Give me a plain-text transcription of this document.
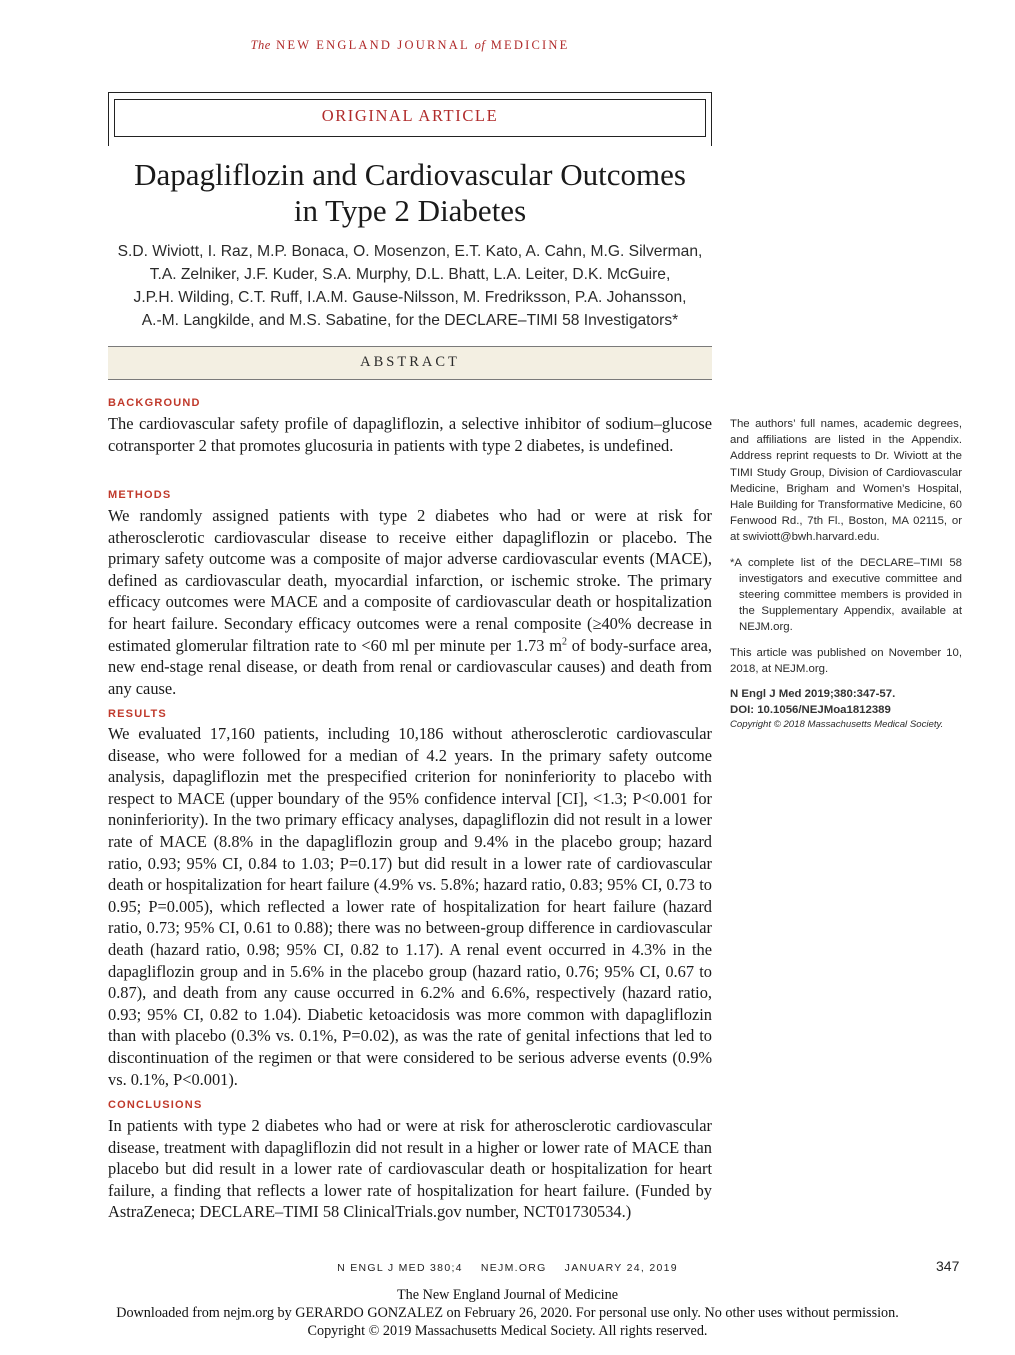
The NEW ENGLAND JOURNAL of MEDICINE
ORIGINAL ARTICLE
Dapagliflozin and Cardiovascular Outcomes
in Type 2 Diabetes
S.D. Wiviott, I. Raz, M.P. Bonaca, O. Mosenzon, E.T. Kato, A. Cahn, M.G. Silverman,
T.A. Zelniker, J.F. Kuder, S.A. Murphy, D.L. Bhatt, L.A. Leiter, D.K. McGuire,
J.P.H. Wilding, C.T. Ruff, I.A.M. Gause-Nilsson, M. Fredriksson, P.A. Johansson,
A.-M. Langkilde, and M.S. Sabatine, for the DECLARE–TIMI 58 Investigators*
ABSTRACT
BACKGROUND
The cardiovascular safety profile of dapagliflozin, a selective inhibitor of sodium–glucose cotransporter 2 that promotes glucosuria in patients with type 2 diabetes, is undefined.
METHODS
We randomly assigned patients with type 2 diabetes who had or were at risk for atherosclerotic cardiovascular disease to receive either dapagliflozin or placebo. The primary safety outcome was a composite of major adverse cardiovascular events (MACE), defined as cardiovascular death, myocardial infarction, or ischemic stroke. The primary efficacy outcomes were MACE and a composite of cardiovascular death or hospitalization for heart failure. Secondary efficacy outcomes were a renal composite (≥40% decrease in estimated glomerular filtration rate to <60 ml per minute per 1.73 $m^2$ of body-surface area, new end-stage renal disease, or death from renal or cardiovascular causes) and death from any cause.
RESULTS
We evaluated 17,160 patients, including 10,186 without atherosclerotic cardiovascular disease, who were followed for a median of 4.2 years. In the primary safety outcome analysis, dapagliflozin met the prespecified criterion for noninferiority to placebo with respect to MACE (upper boundary of the 95% confidence interval [CI], <1.3; P<0.001 for noninferiority). In the two primary efficacy analyses, dapagliflozin did not result in a lower rate of MACE (8.8% in the dapagliflozin group and 9.4% in the placebo group; hazard ratio, 0.93; 95% CI, 0.84 to 1.03; P=0.17) but did result in a lower rate of cardiovascular death or hospitalization for heart failure (4.9% vs. 5.8%; hazard ratio, 0.83; 95% CI, 0.73 to 0.95; P=0.005), which reflected a lower rate of hospitalization for heart failure (hazard ratio, 0.73; 95% CI, 0.61 to 0.88); there was no between-group difference in cardiovascular death (hazard ratio, 0.98; 95% CI, 0.82 to 1.17). A renal event occurred in 4.3% in the dapagliflozin group and in 5.6% in the placebo group (hazard ratio, 0.76; 95% CI, 0.67 to 0.87), and death from any cause occurred in 6.2% and 6.6%, respectively (hazard ratio, 0.93; 95% CI, 0.82 to 1.04). Diabetic ketoacidosis was more common with dapagliflozin than with placebo (0.3% vs. 0.1%, P=0.02), as was the rate of genital infections that led to discontinuation of the regimen or that were considered to be serious adverse events (0.9% vs. 0.1%, P<0.001).
CONCLUSIONS
In patients with type 2 diabetes who had or were at risk for atherosclerotic cardiovascular disease, treatment with dapagliflozin did not result in a higher or lower rate of MACE than placebo but did result in a lower rate of cardiovascular death or hospitalization for heart failure, a finding that reflects a lower rate of hospitalization for heart failure. (Funded by AstraZeneca; DECLARE–TIMI 58 ClinicalTrials.gov number, NCT01730534.)

The authors’ full names, academic degrees, and affiliations are listed in the Appendix. Address reprint requests to Dr. Wiviott at the TIMI Study Group, Division of Cardiovascular Medicine, Brigham and Women’s Hospital, Hale Building for Transformative Medicine, 60 Fenwood Rd., 7th Fl., Boston, MA 02115, or at swiviott@bwh.harvard.edu.

*A complete list of the DECLARE–TIMI 58 investigators and executive committee and steering committee members is provided in the Supplementary Appendix, available at NEJM.org.

This article was published on November 10, 2018, at NEJM.org.

N Engl J Med 2019;380:347-57.

DOI: 10.1056/NEJMoa1812389

Copyright © 2018 Massachusetts Medical Society.

N ENGL J MED 380;4 NEJM.ORG JANUARY 24, 2019	347
The New England Journal of Medicine
Downloaded from nejm.org by GERARDO GONZALEZ on February 26, 2020. For personal use only. No other uses without permission.
Copyright © 2019 Massachusetts Medical Society. All rights reserved.
